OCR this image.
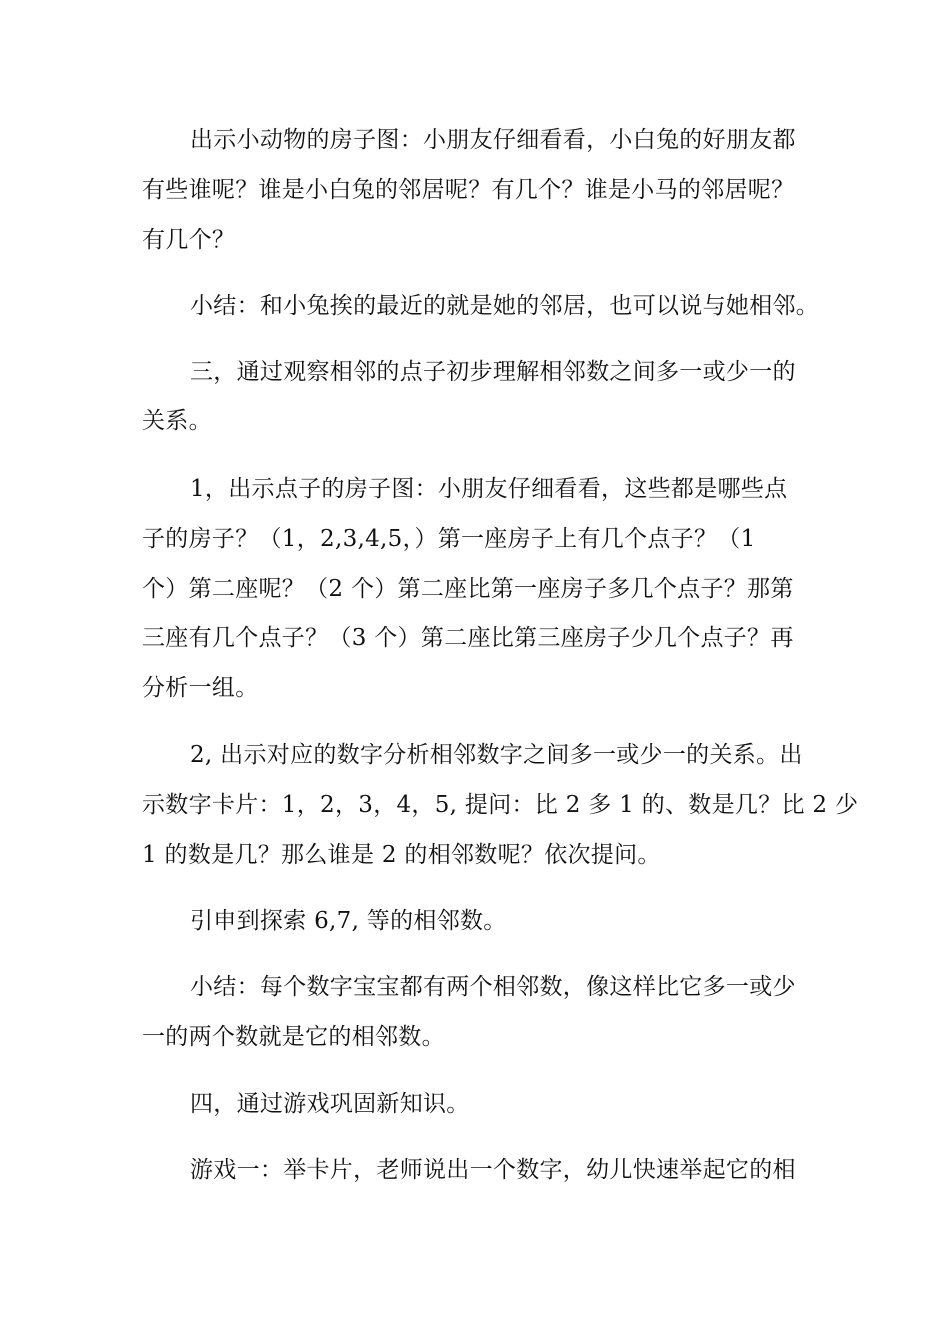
出示小动物的房子图：小朋友仔细看看，小白兔的好朋友都
有些谁呢？谁是小白兔的邻居呢？有几个？谁是小马的邻居呢？
有几个？
小结：和小兔挨的最近的就是她的邻居，也可以说与她相邻。
三，通过观察相邻的点子初步理解相邻数之间多一或少一的
关系。
1，出示点子的房子图：小朋友仔细看看，这些都是哪些点
子的房子？（1，2,3,4,5，）第一座房子上有几个点子？（1
个）第二座呢？（2 个）第二座比第一座房子多几个点子？那第
三座有几个点子？（3 个）第二座比第三座房子少几个点子？再
分析一组。
2, 出示对应的数字分析相邻数字之间多一或少一的关系。出
示数字卡片：1，2，3，4，5, 提问：比 2 多 1 的、数是几？比 2 少
1 的数是几？那么谁是 2 的相邻数呢？依次提问。
引申到探索 6,7, 等的相邻数。
小结：每个数字宝宝都有两个相邻数，像这样比它多一或少
一的两个数就是它的相邻数。
四，通过游戏巩固新知识。
游戏一：举卡片，老师说出一个数字，幼儿快速举起它的相
